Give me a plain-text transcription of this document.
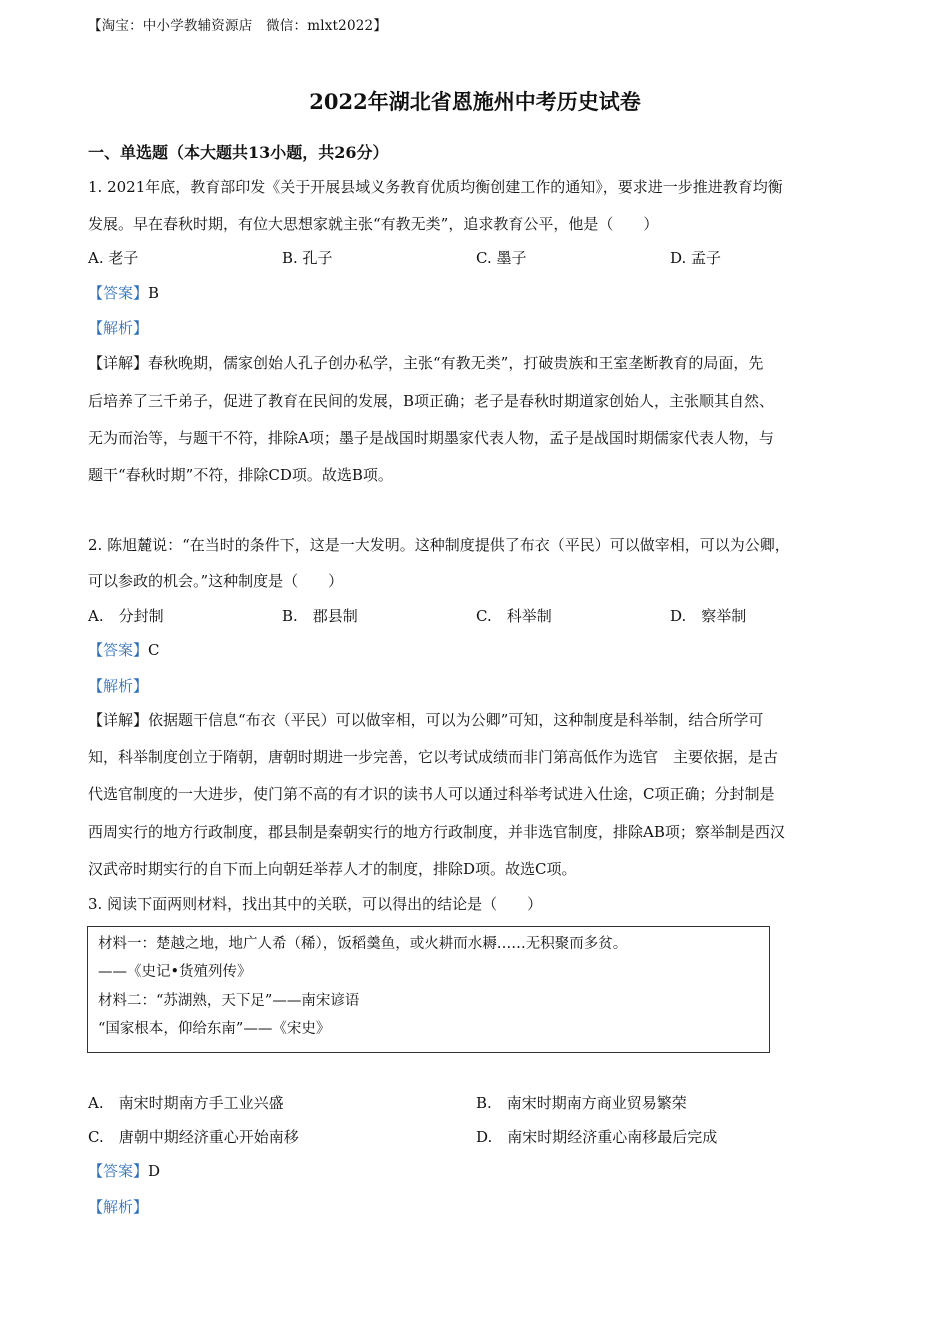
【淘宝：中小学教辅资源店　微信：mlxt2022】
2022年湖北省恩施州中考历史试卷
一、单选题（本大题共13小题，共26分）
1. 2021年底，教育部印发《关于开展县域义务教育优质均衡创建工作的通知》，要求进一步推进教育均衡
发展。早在春秋时期，有位大思想家就主张“有教无类”，追求教育公平，他是（　　）
A. 老子	B. 孔子	C. 墨子	D. 孟子
【答案】B
【解析】
【详解】春秋晚期，儒家创始人孔子创办私学，主张“有教无类”，打破贵族和王室垄断教育的局面，先
后培养了三千弟子，促进了教育在民间的发展，B项正确；老子是春秋时期道家创始人，主张顺其自然、
无为而治等，与题干不符，排除A项；墨子是战国时期墨家代表人物，孟子是战国时期儒家代表人物，与
题干“春秋时期”不符，排除CD项。故选B项。
2. 陈旭麓说：“在当时的条件下，这是一大发明。这种制度提供了布衣（平民）可以做宰相，可以为公卿，
可以参政的机会。”这种制度是（　　）
A.　分封制	B.　郡县制	C.　科举制	D.　察举制
【答案】C
【解析】
【详解】依据题干信息“布衣（平民）可以做宰相，可以为公卿”可知，这种制度是科举制，结合所学可
知，科举制度创立于隋朝，唐朝时期进一步完善，它以考试成绩而非门第高低作为选官　主要依据，是古
代选官制度的一大进步，使门第不高的有才识的读书人可以通过科举考试进入仕途，C项正确；分封制是
西周实行的地方行政制度，郡县制是秦朝实行的地方行政制度，并非选官制度，排除AB项；察举制是西汉
汉武帝时期实行的自下而上向朝廷举荐人才的制度，排除D项。故选C项。
3. 阅读下面两则材料，找出其中的关联，可以得出的结论是（　　）
材料一：楚越之地，地广人希（稀），饭稻羹鱼，或火耕而水耨……无积聚而多贫。
——《史记•货殖列传》
材料二：“苏湖熟，天下足”——南宋谚语
“国家根本，仰给东南”——《宋史》
A.　南宋时期南方手工业兴盛	B.　南宋时期南方商业贸易繁荣
C.　唐朝中期经济重心开始南移	D.　南宋时期经济重心南移最后完成
【答案】D
【解析】
